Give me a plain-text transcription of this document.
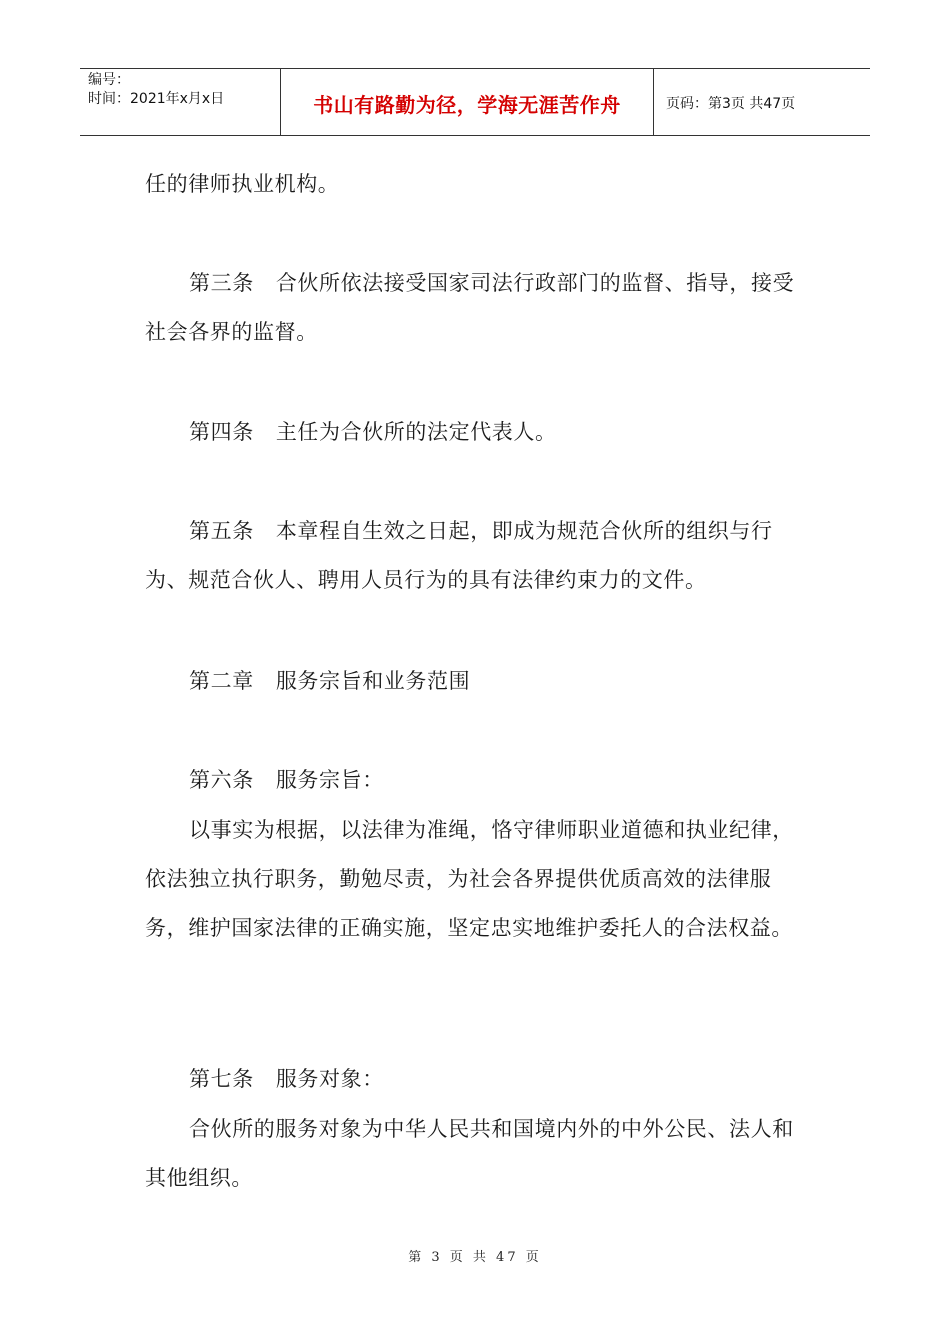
编号：
时间：2021年x月x日	书山有路勤为径，学海无涯苦作舟	页码：第3页 共47页

任的律师执业机构。

第三条 合伙所依法接受国家司法行政部门的监督、指导，接受社会各界的监督。

第四条 主任为合伙所的法定代表人。

第五条 本章程自生效之日起，即成为规范合伙所的组织与行为、规范合伙人、聘用人员行为的具有法律约束力的文件。

第二章 服务宗旨和业务范围

第六条 服务宗旨：

以事实为根据，以法律为准绳，恪守律师职业道德和执业纪律，依法独立执行职务，勤勉尽责，为社会各界提供优质高效的法律服务，维护国家法律的正确实施，坚定忠实地维护委托人的合法权益。

第七条 服务对象：

合伙所的服务对象为中华人民共和国境内外的中外公民、法人和其他组织。

第 3 页 共 47 页
